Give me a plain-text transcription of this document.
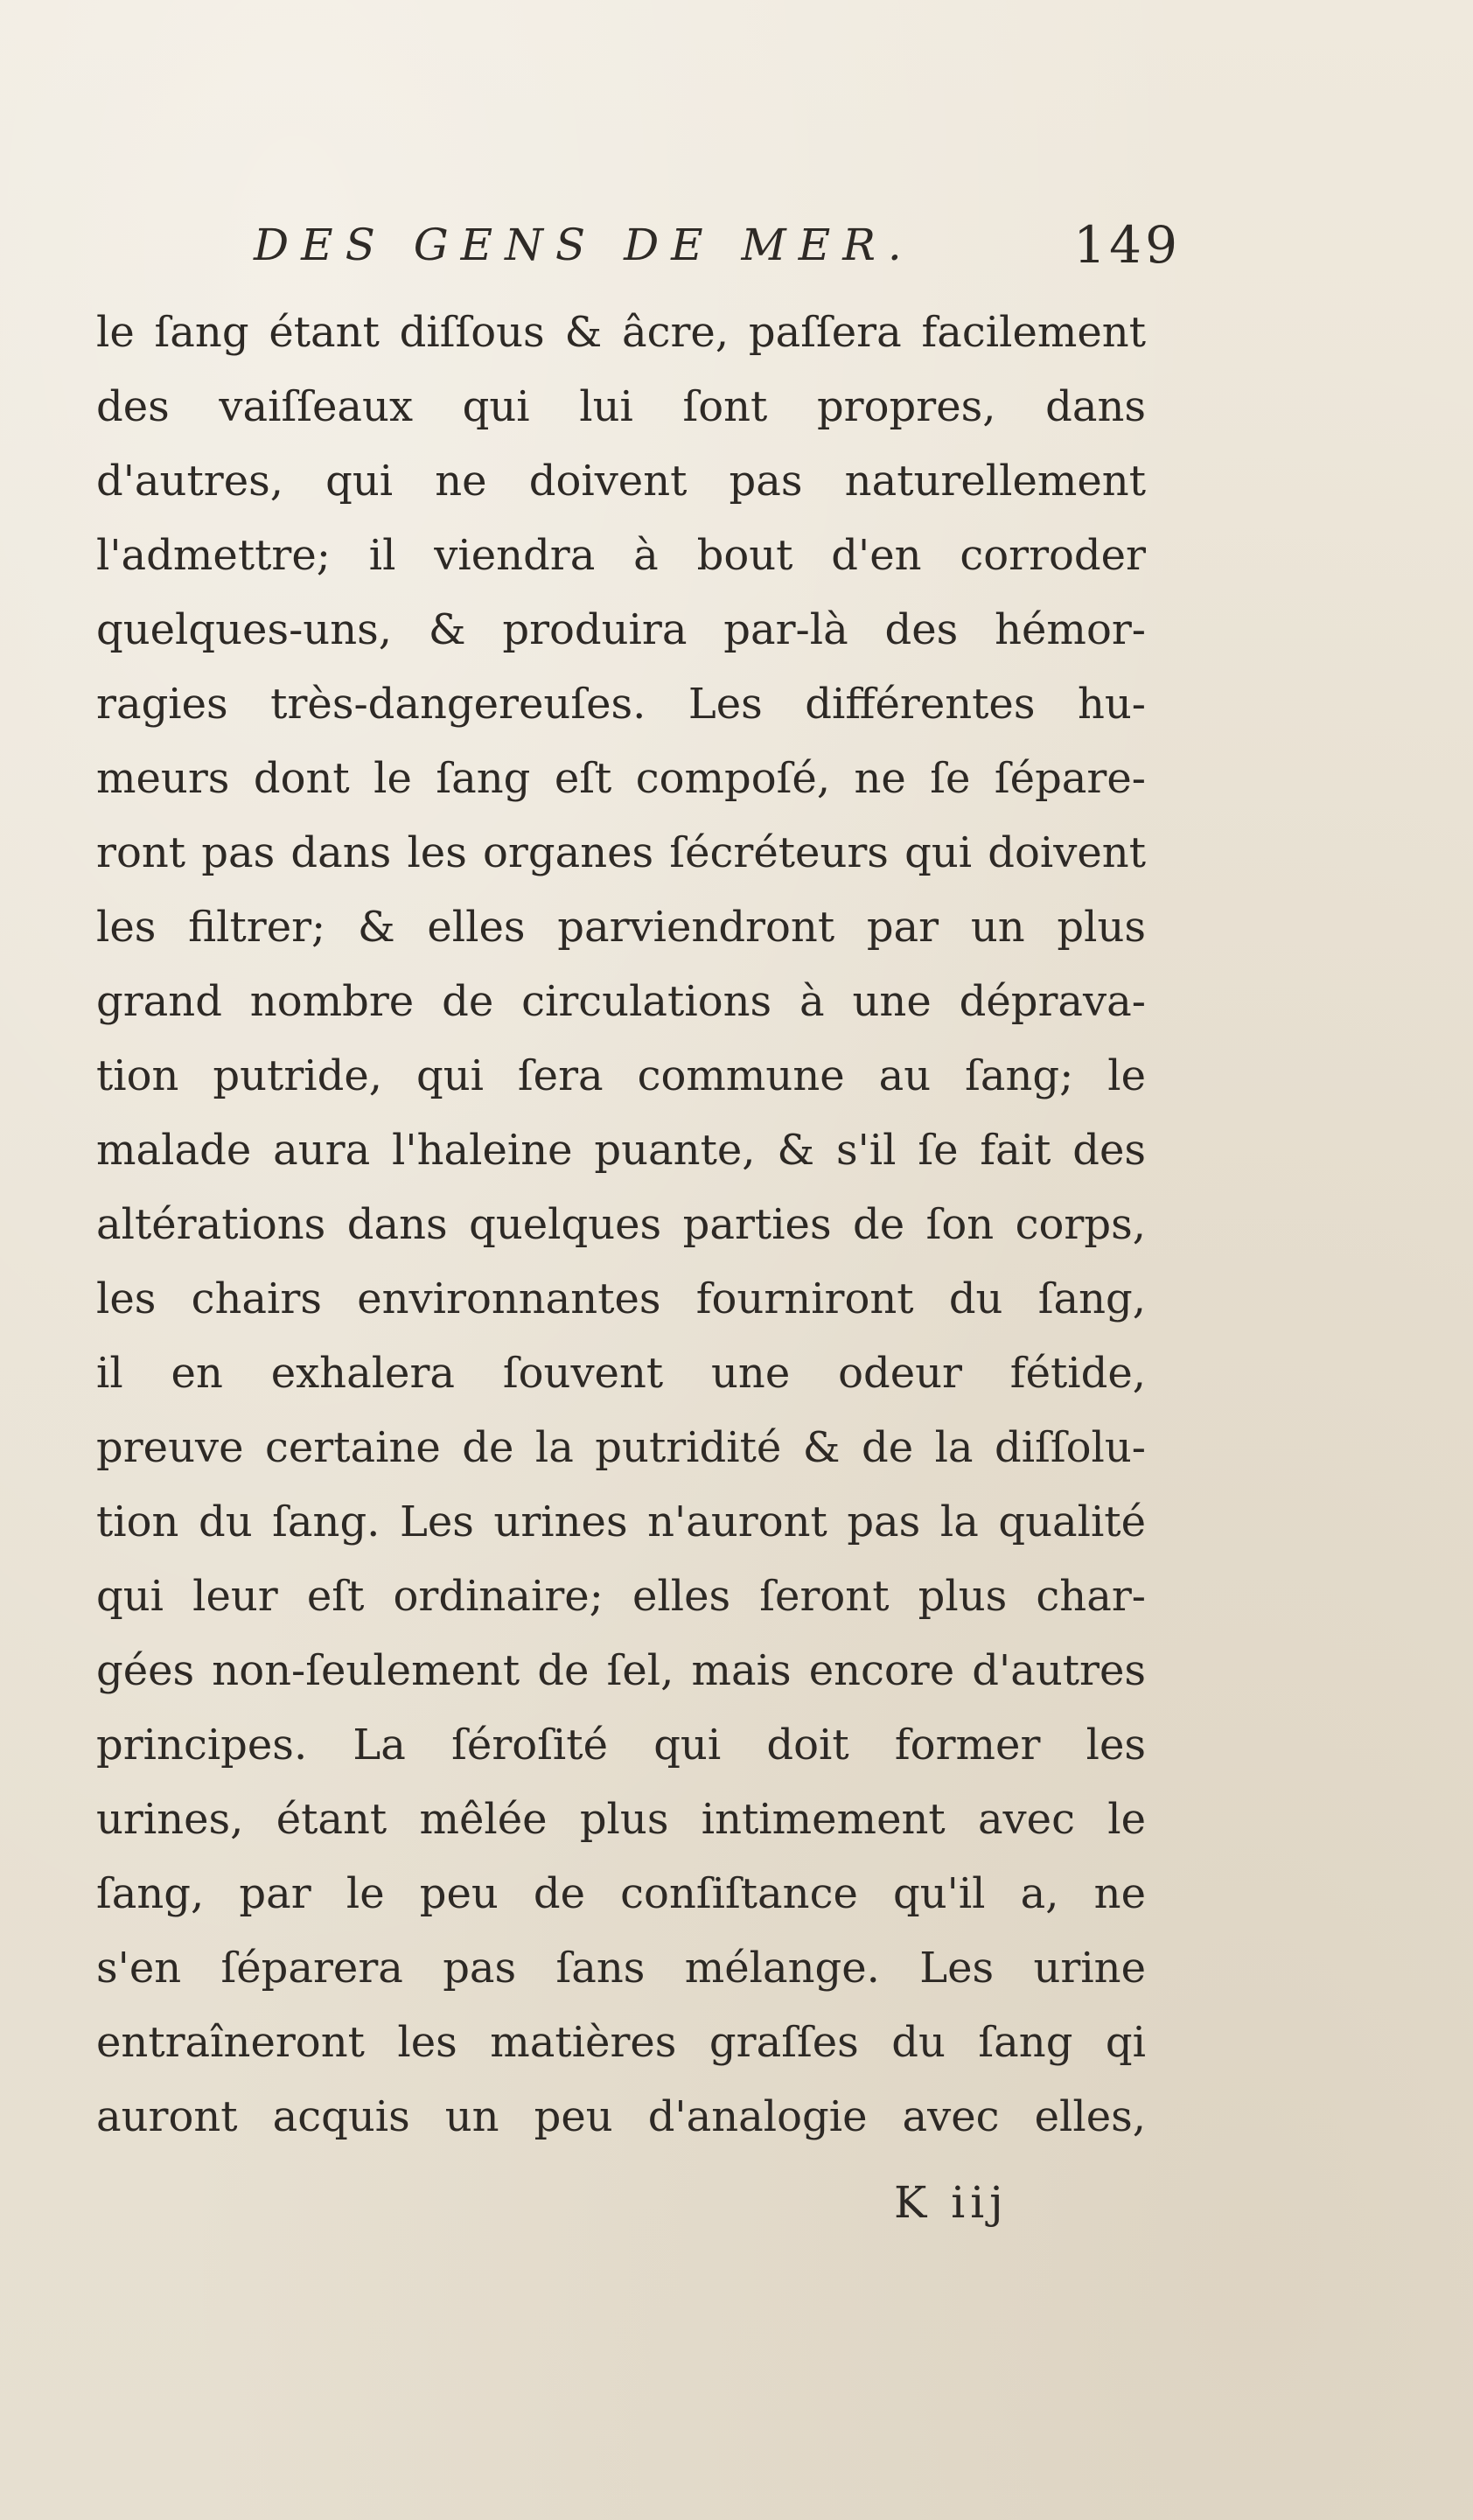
DES GENS DE MER.	149
le ſang étant diſſous & âcre, paſſera facilement
des vaiſſeaux qui lui ſont propres, dans
d'autres, qui ne doivent pas naturellement
l'admettre; il viendra à bout d'en corroder
quelques-uns, & produira par-là des hémor-
ragies très-dangereuſes. Les différentes hu-
meurs dont le ſang eſt compoſé, ne ſe ſépare-
ront pas dans les organes ſécréteurs qui doivent
les filtrer; & elles parviendront par un plus
grand nombre de circulations à une déprava-
tion putride, qui ſera commune au ſang; le
malade aura l'haleine puante, & s'il ſe fait des
altérations dans quelques parties de ſon corps,
les chairs environnantes fourniront du ſang,
il en exhalera ſouvent une odeur fétide,
preuve certaine de la putridité & de la diſſolu-
tion du ſang. Les urines n'auront pas la qualité
qui leur eſt ordinaire; elles ſeront plus char-
gées non-ſeulement de ſel, mais encore d'autres
principes. La ſéroſité qui doit former les
urines, étant mêlée plus intimement avec le
ſang, par le peu de conſiſtance qu'il a, ne
s'en ſéparera pas ſans mélange. Les urine
entraîneront les matières graſſes du ſang qi
auront acquis un peu d'analogie avec elles,
K iij
